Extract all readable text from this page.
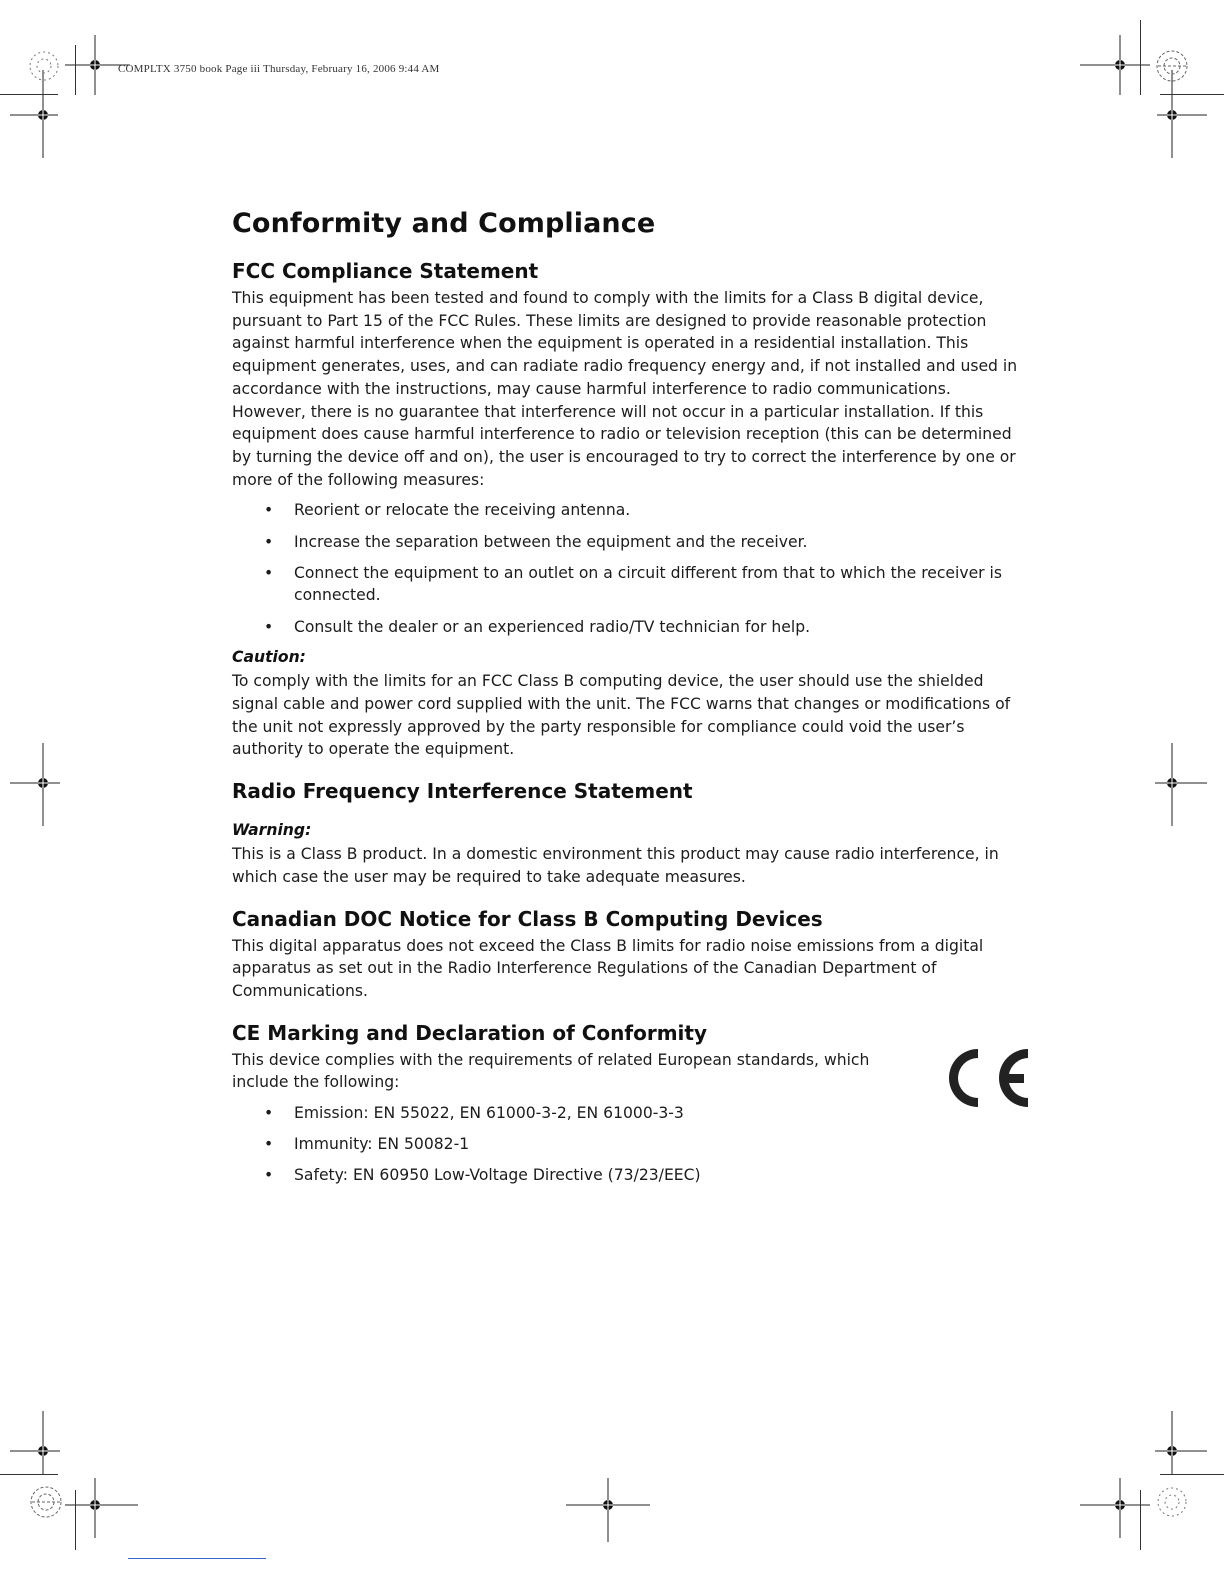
COMPLTX 3750 book Page iii Thursday, February 16, 2006 9:44 AM
Conformity and Compliance
FCC Compliance Statement

This equipment has been tested and found to comply with the limits for a Class B digital device, pursuant to Part 15 of the FCC Rules. These limits are designed to provide reasonable protection against harmful interference when the equipment is operated in a residential installation. This equipment generates, uses, and can radiate radio frequency energy and, if not installed and used in accordance with the instructions, may cause harmful interference to radio communications. However, there is no guarantee that interference will not occur in a particular installation. If this equipment does cause harmful interference to radio or television reception (this can be determined by turning the device off and on), the user is encouraged to try to correct the interference by one or more of the following measures:

• Reorient or relocate the receiving antenna.
• Increase the separation between the equipment and the receiver.
• Connect the equipment to an outlet on a circuit different from that to which the receiver is connected.
• Consult the dealer or an experienced radio/TV technician for help.
Caution:

To comply with the limits for an FCC Class B computing device, the user should use the shielded signal cable and power cord supplied with the unit. The FCC warns that changes or modifications of the unit not expressly approved by the party responsible for compliance could void the user’s authority to operate the equipment.

Radio Frequency Interference Statement
Warning:

This is a Class B product. In a domestic environment this product may cause radio interference, in which case the user may be required to take adequate measures.

Canadian DOC Notice for Class B Computing Devices

This digital apparatus does not exceed the Class B limits for radio noise emissions from a digital apparatus as set out in the Radio Interference Regulations of the Canadian Department of Communications.

CE Marking and Declaration of Conformity

This device complies with the requirements of related European standards, which include the following:

• Emission: EN 55022, EN 61000-3-2, EN 61000-3-3
• Immunity: EN 50082-1
• Safety: EN 60950 Low-Voltage Directive (73/23/EEC)
